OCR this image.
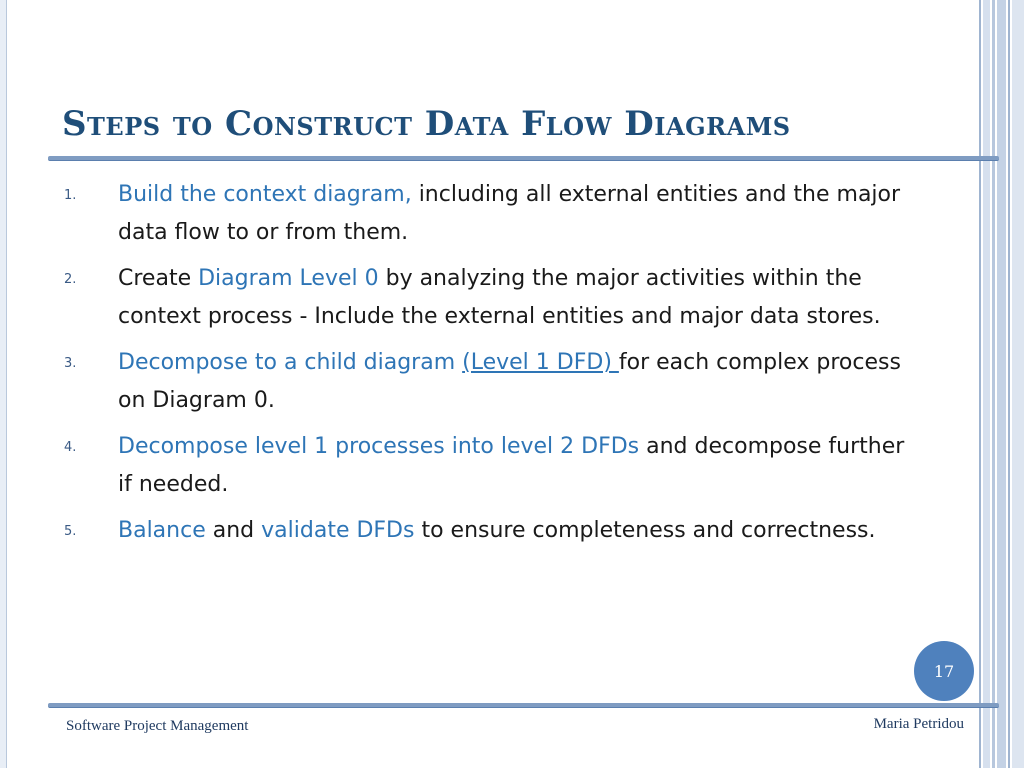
Steps to Construct Data Flow Diagrams
1.	Build the context diagram, including all external entities and the major data flow to or from them.
2.	Create Diagram Level 0 by analyzing the major activities within the context process - Include the external entities and major data stores.
3.	Decompose to a child diagram (Level 1 DFD) for each complex process on Diagram 0.
4.	Decompose level 1 processes into level 2 DFDs and decompose further if needed.
5.	Balance and validate DFDs to ensure completeness and correctness.
17
Software Project Management	Maria Petridou
